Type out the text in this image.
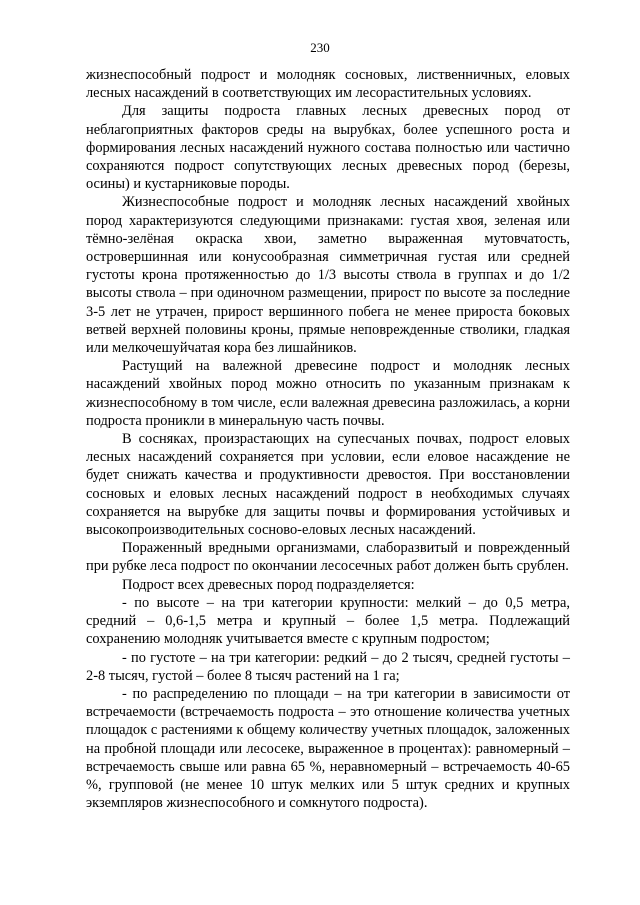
230

жизнеспособный подрост и молодняк сосновых, лиственничных, еловых лесных насаждений в соответствующих им лесорастительных условиях.

Для защиты подроста главных лесных древесных пород от неблагоприятных факторов среды на вырубках, более успешного роста и формирования лесных насаждений нужного состава полностью или частично сохраняются подрост сопутствующих лесных древесных пород (березы, осины) и кустарниковые породы.

Жизнеспособные подрост и молодняк лесных насаждений хвойных пород характеризуются следующими признаками: густая хвоя, зеленая или тёмно-зелёная окраска хвои, заметно выраженная мутовчатость, островершинная или конусообразная симметричная густая или средней густоты крона протяженностью до 1/3 высоты ствола в группах и до 1/2 высоты ствола – при одиночном размещении, прирост по высоте за последние 3-5 лет не утрачен, прирост вершинного побега не менее прироста боковых ветвей верхней половины кроны, прямые неповрежденные стволики, гладкая или мелкочешуйчатая кора без лишайников.

Растущий на валежной древесине подрост и молодняк лесных насаждений хвойных пород можно относить по указанным признакам к жизнеспособному в том числе, если валежная древесина разложилась, а корни подроста проникли в минеральную часть почвы.

В сосняках, произрастающих на супесчаных почвах, подрост еловых лесных насаждений сохраняется при условии, если еловое насаждение не будет снижать качества и продуктивности древостоя. При восстановлении сосновых и еловых лесных насаждений подрост в необходимых случаях сохраняется на вырубке для защиты почвы и формирования устойчивых и высокопроизводительных сосново-еловых лесных насаждений.

Пораженный вредными организмами, слаборазвитый и поврежденный при рубке леса подрост по окончании лесосечных работ должен быть срублен.

Подрост всех древесных пород подразделяется:

- по высоте – на три категории крупности: мелкий – до 0,5 метра, средний – 0,6-1,5 метра и крупный – более 1,5 метра. Подлежащий сохранению молодняк учитывается вместе с крупным подростом;

- по густоте – на три категории: редкий – до 2 тысяч, средней густоты – 2-8 тысяч, густой – более 8 тысяч растений на 1 га;

- по распределению по площади – на три категории в зависимости от встречаемости (встречаемость подроста – это отношение количества учетных площадок с растениями к общему количеству учетных площадок, заложенных на пробной площади или лесосеке, выраженное в процентах): равномерный – встречаемость свыше или равна 65 %, неравномерный – встречаемость 40-65 %, групповой (не менее 10 штук мелких или 5 штук средних и крупных экземпляров жизнеспособного и сомкнутого подроста).
